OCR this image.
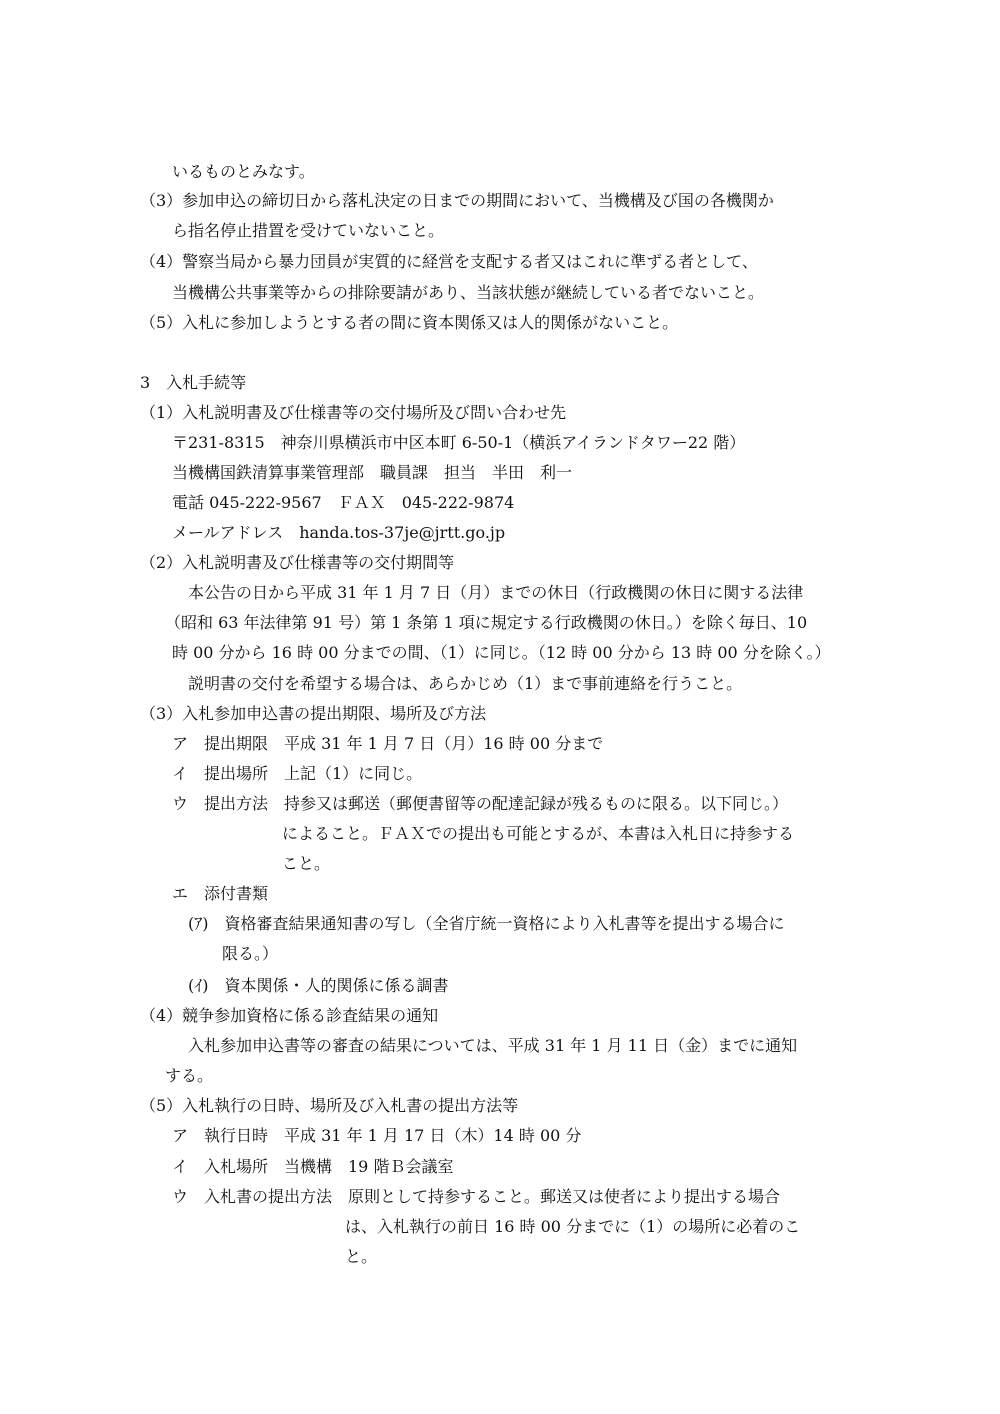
いるものとみなす。
（3）参加申込の締切日から落札決定の日までの期間において、当機構及び国の各機関か
ら指名停止措置を受けていないこと。
（4）警察当局から暴力団員が実質的に経営を支配する者又はこれに準ずる者として、
当機構公共事業等からの排除要請があり、当該状態が継続している者でないこと。
（5）入札に参加しようとする者の間に資本関係又は人的関係がないこと。
3　入札手続等
（1）入札説明書及び仕様書等の交付場所及び問い合わせ先
〒231-8315　神奈川県横浜市中区本町 6-50-1（横浜アイランドタワー22 階）
当機構国鉄清算事業管理部　職員課　担当　半田　利一
電話 045‐222‐9567　ＦＡＸ　045‐222‐9874
メールアドレス　handa.tos-37je@jrtt.go.jp
（2）入札説明書及び仕様書等の交付期間等
本公告の日から平成 31 年 1 月 7 日（月）までの休日（行政機関の休日に関する法律
（昭和 63 年法律第 91 号）第 1 条第 1 項に規定する行政機関の休日。）を除く毎日、10
時 00 分から 16 時 00 分までの間、（1）に同じ。（12 時 00 分から 13 時 00 分を除く。）
説明書の交付を希望する場合は、あらかじめ（1）まで事前連絡を行うこと。
（3）入札参加申込書の提出期限、場所及び方法
ア　提出期限　平成 31 年 1 月 7 日（月）16 時 00 分まで
イ　提出場所　上記（1）に同じ。
ウ　提出方法　持参又は郵送（郵便書留等の配達記録が残るものに限る。以下同じ。）
によること。ＦＡＸでの提出も可能とするが、本書は入札日に持参する
こと。
エ　添付書類
(ｱ)　資格審査結果通知書の写し（全省庁統一資格により入札書等を提出する場合に
限る。）
(ｲ)　資本関係・人的関係に係る調書
（4）競争参加資格に係る診査結果の通知
入札参加申込書等の審査の結果については、平成 31 年 1 月 11 日（金）までに通知
する。
（5）入札執行の日時、場所及び入札書の提出方法等
ア　執行日時　平成 31 年 1 月 17 日（木）14 時 00 分
イ　入札場所　当機構　19 階Ｂ会議室
ウ　入札書の提出方法　原則として持参すること。郵送又は使者により提出する場合
は、入札執行の前日 16 時 00 分までに（1）の場所に必着のこ
と。
